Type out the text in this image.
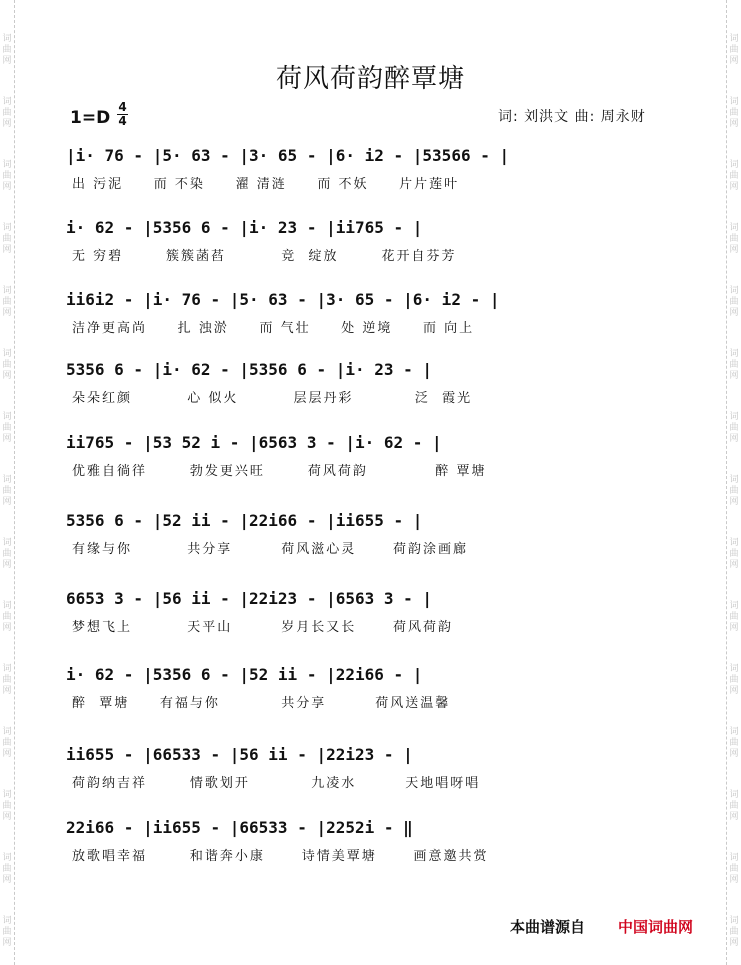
词曲网
词曲网
词曲网
词曲网
词曲网
词曲网
词曲网
词曲网
词曲网
词曲网
词曲网
词曲网
词曲网
词曲网
词曲网
词曲网
词曲网
词曲网
词曲网
词曲网
词曲网
词曲网
词曲网
词曲网
词曲网
词曲网
词曲网
词曲网
词曲网
词曲网
荷风荷韵醉覃塘
1=D
4
4	词: 刘洪文 曲: 周永财
|i· 76 - |5· 63 - |3· 65 - |6· i2 - |53566 - |
出 污泥     而 不染     濯 清涟     而 不妖     片片莲叶
i· 62 - |5356 6 - |i· 23 - |ii765 - |
无 穷碧       簇簇菡萏         竞  绽放       花开自芬芳
ii6i2 - |i· 76 - |5· 63 - |3· 65 - |6· i2 - |
洁净更高尚     扎 浊淤     而 气壮     处 逆境     而 向上
5356 6 - |i· 62 - |5356 6 - |i· 23 - |
朵朵红颜         心 似火         层层丹彩          泛  霞光
ii765 - |53 52 i - |6563 3 - |i· 62 - |
优雅自徜徉       勃发更兴旺       荷风荷韵           醉 覃塘
5356 6 - |52 ii - |22i66 - |ii655 - |
有缘与你         共分享        荷风滋心灵      荷韵涂画廊
6653 3 - |56 ii - |22i23 - |6563 3 - |
梦想飞上         天平山        岁月长又长      荷风荷韵
i· 62 - |5356 6 - |52 ii - |22i66 - |
醉  覃塘     有福与你          共分享        荷风送温馨
ii655 - |66533 - |56 ii - |22i23 - |
荷韵纳吉祥       情歌划开          九凌水        天地唱呀唱
22i66 - |ii655 - |66533 - |2252i - ‖
放歌唱幸福       和谐奔小康      诗情美覃塘      画意邀共赏
本曲谱源自 中国词曲网
